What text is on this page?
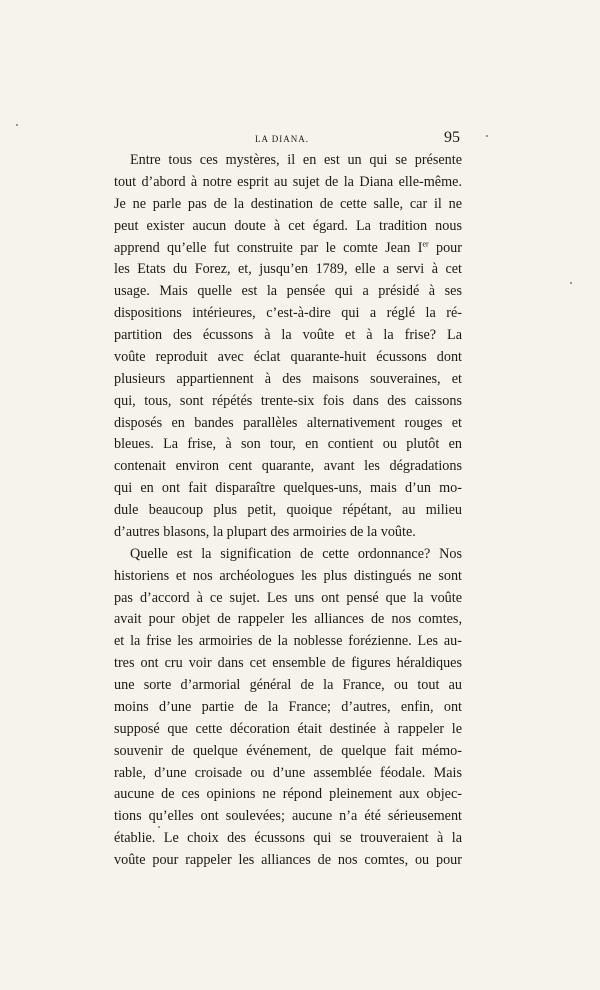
LA DIANA.	95
Entre tous ces mystères, il en est un qui se présente
tout d’abord à notre esprit au sujet de la Diana elle-même.
Je ne parle pas de la destination de cette salle, car il ne
peut exister aucun doute à cet égard. La tradition nous
apprend qu’elle fut construite par le comte Jean Ier pour
les Etats du Forez, et, jusqu’en 1789, elle a servi à cet
usage. Mais quelle est la pensée qui a présidé à ses
dispositions intérieures, c’est-à-dire qui a réglé la ré-
partition des écussons à la voûte et à la frise? La
voûte reproduit avec éclat quarante-huit écussons dont
plusieurs appartiennent à des maisons souveraines, et
qui, tous, sont répétés trente-six fois dans des caissons
disposés en bandes parallèles alternativement rouges et
bleues. La frise, à son tour, en contient ou plutôt en
contenait environ cent quarante, avant les dégradations
qui en ont fait disparaître quelques-uns, mais d’un mo-
dule beaucoup plus petit, quoique répétant, au milieu
d’autres blasons, la plupart des armoiries de la voûte.
Quelle est la signification de cette ordonnance? Nos
historiens et nos archéologues les plus distingués ne sont
pas d’accord à ce sujet. Les uns ont pensé que la voûte
avait pour objet de rappeler les alliances de nos comtes,
et la frise les armoiries de la noblesse forézienne. Les au-
tres ont cru voir dans cet ensemble de figures héraldiques
une sorte d’armorial général de la France, ou tout au
moins d’une partie de la France; d’autres, enfin, ont
supposé que cette décoration était destinée à rappeler le
souvenir de quelque événement, de quelque fait mémo-
rable, d’une croisade ou d’une assemblée féodale. Mais
aucune de ces opinions ne répond pleinement aux objec-
tions qu’elles ont soulevées; aucune n’a été sérieusement
établie. Le choix des écussons qui se trouveraient à la
voûte pour rappeler les alliances de nos comtes, ou pour
